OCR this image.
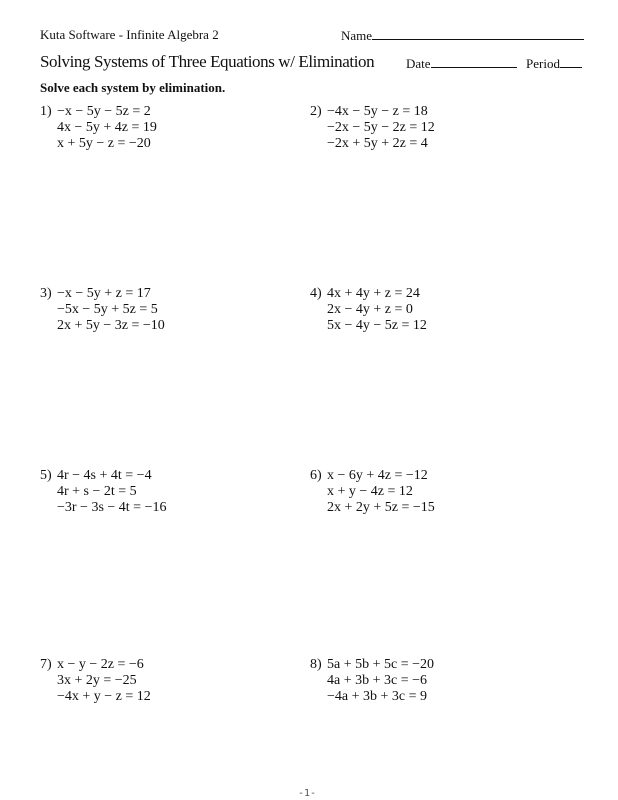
Kuta Software - Infinite Algebra 2	Name
Solving Systems of Three Equations w/ Elimination Date	Period
Solve each system by elimination.
1) −x − 5y − 5z = 2
4x − 5y + 4z = 19
x + 5y − z = −20
2) −4x − 5y − z = 18
−2x − 5y − 2z = 12
−2x + 5y + 2z = 4
3) −x − 5y + z = 17
−5x − 5y + 5z = 5
2x + 5y − 3z = −10
4) 4x + 4y + z = 24
2x − 4y + z = 0
5x − 4y − 5z = 12
5) 4r − 4s + 4t = −4
4r + s − 2t = 5
−3r − 3s − 4t = −16
6) x − 6y + 4z = −12
x + y − 4z = 12
2x + 2y + 5z = −15
7) x − y − 2z = −6
3x + 2y = −25
−4x + y − z = 12
8) 5a + 5b + 5c = −20
4a + 3b + 3c = −6
−4a + 3b + 3c = 9
-1-
